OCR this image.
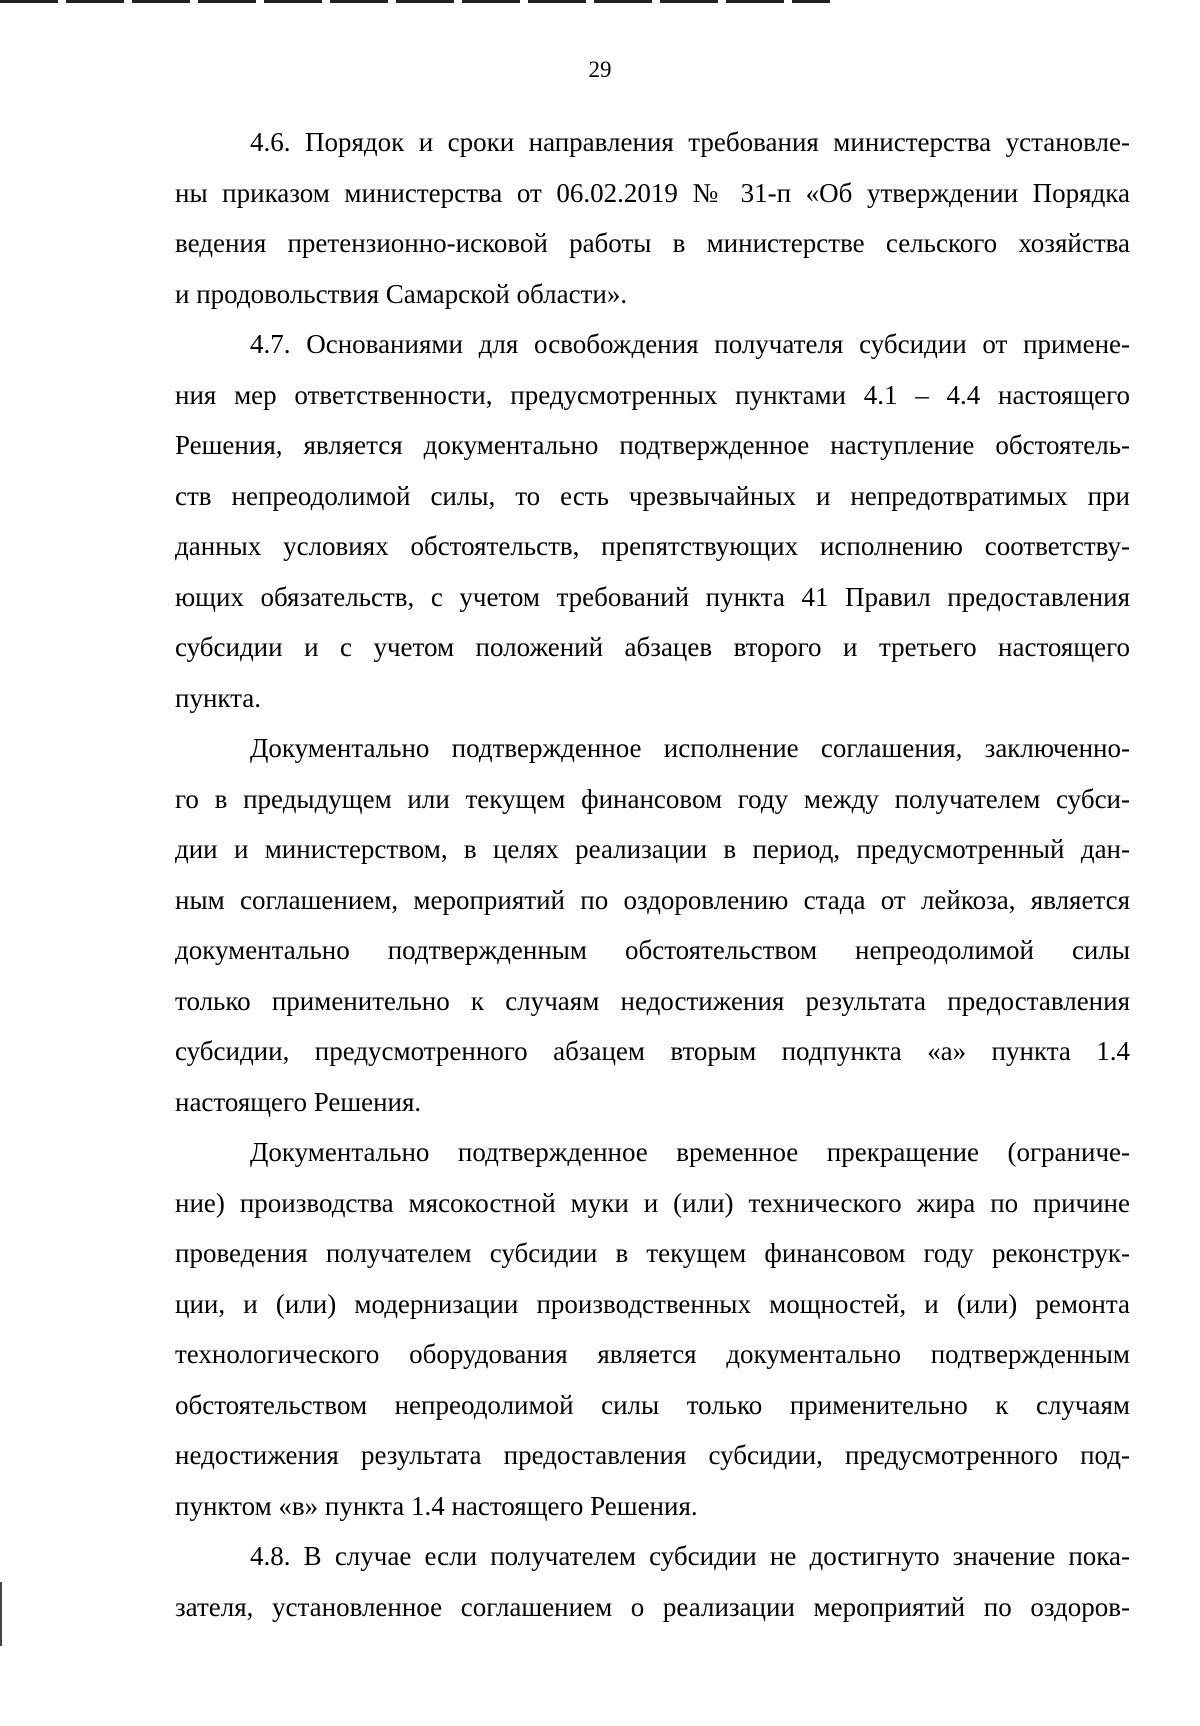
29
4.6. Порядок и сроки направления требования министерства установле-
ны приказом министерства от 06.02.2019 № 31-п «Об утверждении Порядка
ведения претензионно-исковой работы в министерстве сельского хозяйства
и продовольствия Самарской области».
4.7. Основаниями для освобождения получателя субсидии от примене-
ния мер ответственности, предусмотренных пунктами 4.1 – 4.4 настоящего
Решения, является документально подтвержденное наступление обстоятель-
ств непреодолимой силы, то есть чрезвычайных и непредотвратимых при
данных условиях обстоятельств, препятствующих исполнению соответству-
ющих обязательств, с учетом требований пункта 41 Правил предоставления
субсидии и с учетом положений абзацев второго и третьего настоящего
пункта.
Документально подтвержденное исполнение соглашения, заключенно-
го в предыдущем или текущем финансовом году между получателем субси-
дии и министерством, в целях реализации в период, предусмотренный дан-
ным соглашением, мероприятий по оздоровлению стада от лейкоза, является
документально подтвержденным обстоятельством непреодолимой силы
только применительно к случаям недостижения результата предоставления
субсидии, предусмотренного абзацем вторым подпункта «а» пункта 1.4
настоящего Решения.
Документально подтвержденное временное прекращение (ограниче-
ние) производства мясокостной муки и (или) технического жира по причине
проведения получателем субсидии в текущем финансовом году реконструк-
ции, и (или) модернизации производственных мощностей, и (или) ремонта
технологического оборудования является документально подтвержденным
обстоятельством непреодолимой силы только применительно к случаям
недостижения результата предоставления субсидии, предусмотренного под-
пунктом «в» пункта 1.4 настоящего Решения.
4.8. В случае если получателем субсидии не достигнуто значение пока-
зателя, установленное соглашением о реализации мероприятий по оздоров-
